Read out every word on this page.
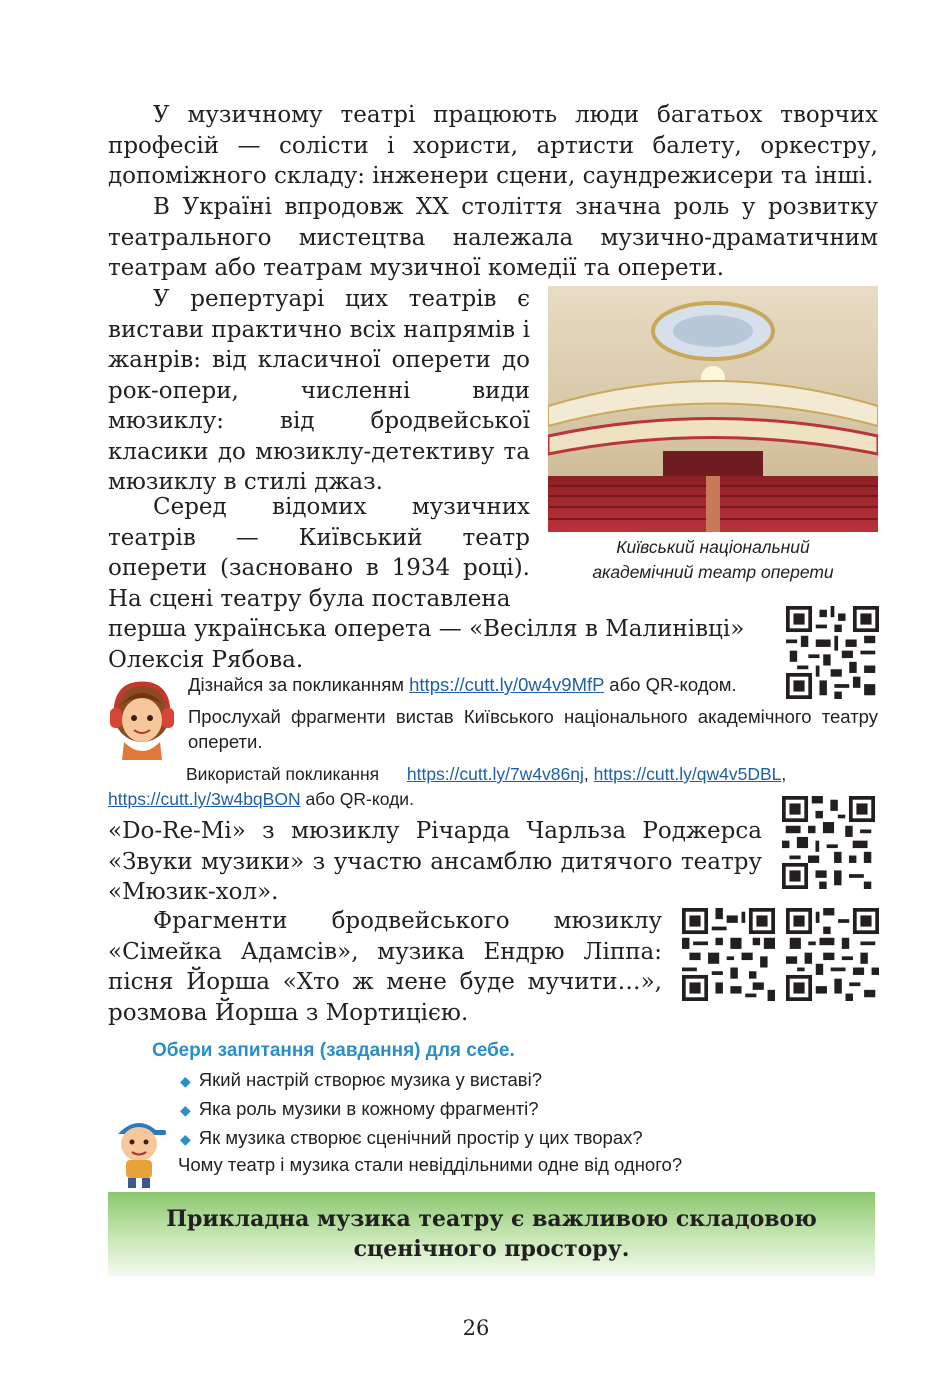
У музичному театрі працюють люди багатьох творчих професій — солісти і хористи, артисти балету, оркестру, допоміжного складу: інженери сцени, саундрежисери та інші.

В Україні впродовж ХХ століття значна роль у розвитку театрального мистецтва належала музично-драматичним театрам або театрам музичної комедії та оперети.

У репертуарі цих театрів є вистави практично всіх напрямів і жанрів: від класичної оперети до рок-опери, численні види мюзиклу: від бродвейської класики до мюзиклу-детективу та мюзиклу в стилі джаз.

Серед відомих музичних театрів — Київський театр оперети (засновано в 1934 році). На сцені театру була поставлена

перша українська оперета — «Весілля в Малинівці» Олексія Рябова.

Київський національний
академічний театр оперети
Дізнайся за покликанням https://cutt.ly/0w4v9MfP або QR-кодом.
Прослухай фрагменти вистав Київського національного академічного театру оперети.
Використай покликання https://cutt.ly/7w4v86nj, https://cutt.ly/qw4v5DBL,
https://cutt.ly/3w4bqBON або QR-коди.

«Do-Re-Mi» з мюзиклу Річарда Чарльза Роджерса «Звуки музики» з участю ансамблю дитячого театру «Мюзик-хол».

Фрагменти бродвейського мюзиклу «Сімейка Адамсів», музика Ендрю Ліппа: пісня Йорша «Хто ж мене буде мучити…», розмова Йорша з Мортицією.

Обери запитання (завдання) для себе.
◆ Який настрій створює музика у виставі?
◆ Яка роль музики в кожному фрагменті?
◆ Як музика створює сценічний простір у цих творах?
Чому театр і музика стали невіддільними одне від одного?
Прикладна музика театру є важливою складовою
сценічного простору.
26
